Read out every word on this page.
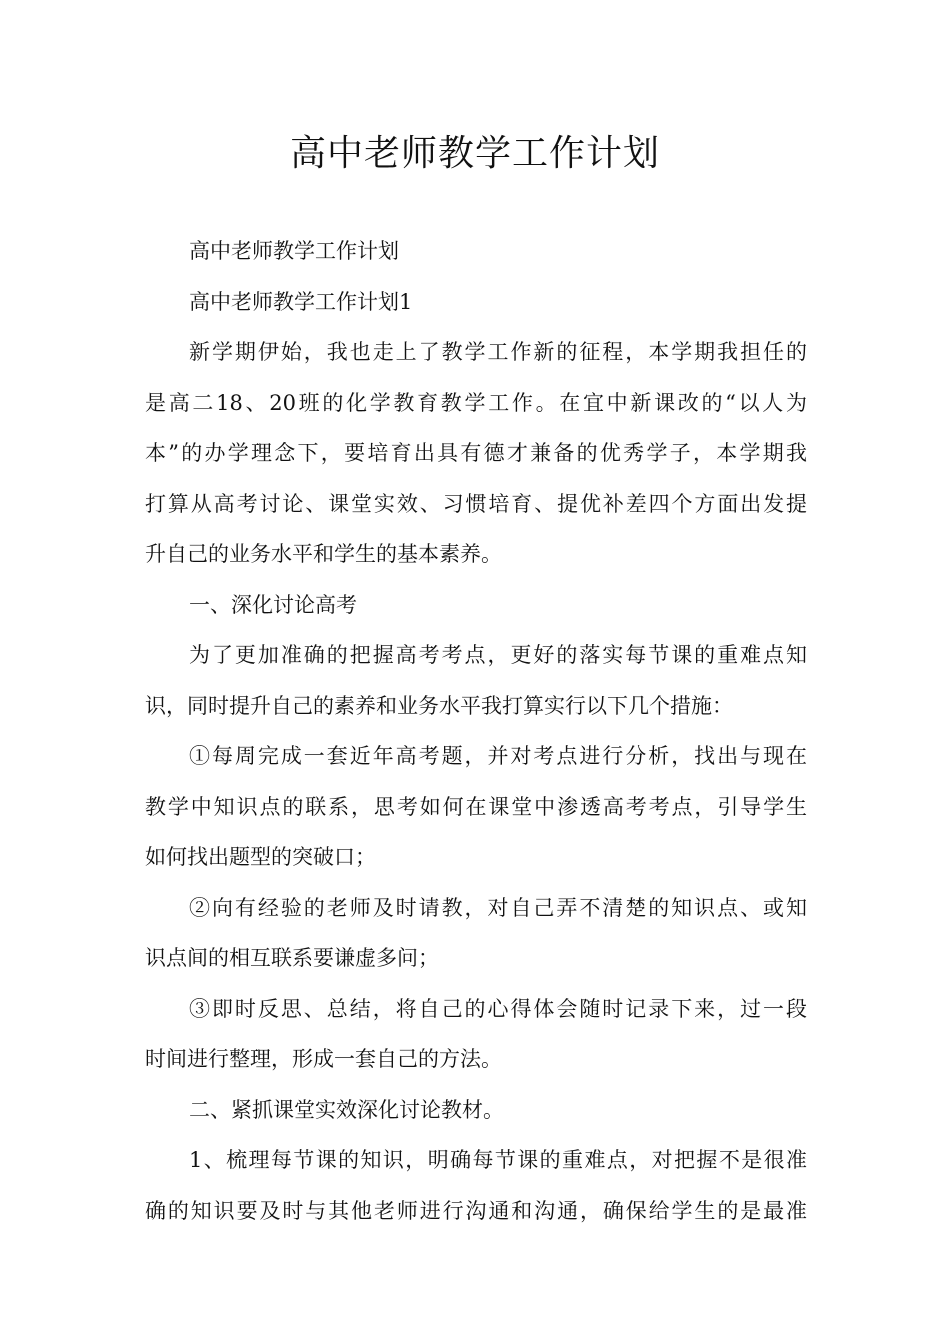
高中老师教学工作计划
高中老师教学工作计划
高中老师教学工作计划1
新学期伊始，我也走上了教学工作新的征程，本学期我担任的
是高二18、20班的化学教育教学工作。在宜中新课改的“以人为
本”的办学理念下，要培育出具有德才兼备的优秀学子，本学期我
打算从高考讨论、课堂实效、习惯培育、提优补差四个方面出发提
升自己的业务水平和学生的基本素养。
一、深化讨论高考
为了更加准确的把握高考考点，更好的落实每节课的重难点知
识，同时提升自己的素养和业务水平我打算实行以下几个措施：
①每周完成一套近年高考题，并对考点进行分析，找出与现在
教学中知识点的联系，思考如何在课堂中渗透高考考点，引导学生
如何找出题型的突破口；
②向有经验的老师及时请教，对自己弄不清楚的知识点、或知
识点间的相互联系要谦虚多问；
③即时反思、总结，将自己的心得体会随时记录下来，过一段
时间进行整理，形成一套自己的方法。
二、紧抓课堂实效深化讨论教材。
1、梳理每节课的知识，明确每节课的重难点，对把握不是很准
确的知识要及时与其他老师进行沟通和沟通，确保给学生的是最准
